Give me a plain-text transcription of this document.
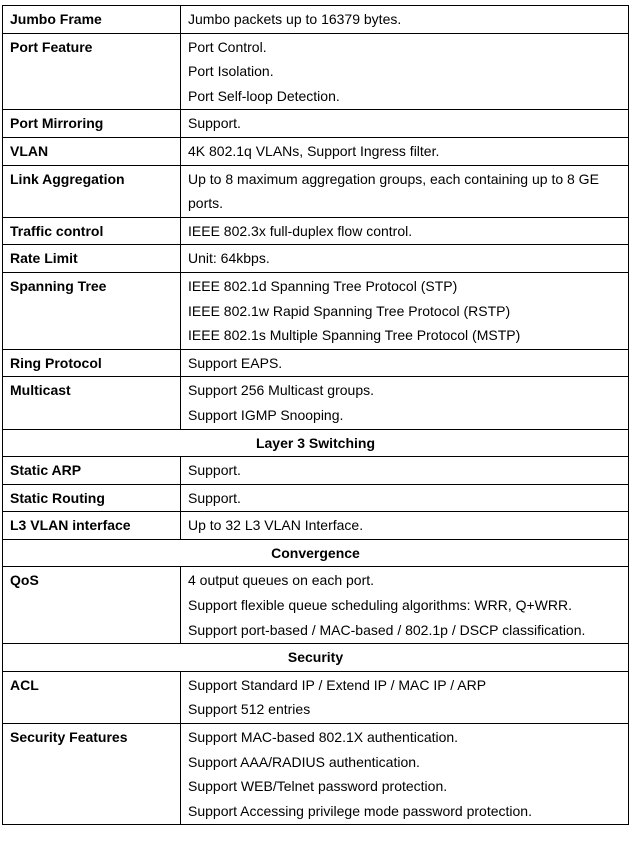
Jumbo Frame	Jumbo packets up to 16379 bytes.

Port Feature	Port Control.
Port Isolation.
Port Self-loop Detection.

Port Mirroring	Support.

VLAN	4K 802.1q VLANs, Support Ingress filter.

Link Aggregation	Up to 8 maximum aggregation groups, each containing up to 8 GE ports.

Traffic control	IEEE 802.3x full-duplex flow control.

Rate Limit	Unit: 64kbps.

Spanning Tree	IEEE 802.1d Spanning Tree Protocol (STP)
IEEE 802.1w Rapid Spanning Tree Protocol (RSTP)
IEEE 802.1s Multiple Spanning Tree Protocol (MSTP)

Ring Protocol	Support EAPS.

Multicast	Support 256 Multicast groups.
Support IGMP Snooping.

Layer 3 Switching	
Static ARP	Support.

Static Routing	Support.

L3 VLAN interface	Up to 32 L3 VLAN Interface.

Convergence	
QoS	4 output queues on each port.
Support flexible queue scheduling algorithms: WRR, Q+WRR.
Support port-based / MAC-based / 802.1p / DSCP classification.

Security	
ACL	Support Standard IP / Extend IP / MAC IP / ARP
Support 512 entries

Security Features	Support MAC-based 802.1X authentication.
Support AAA/RADIUS authentication.
Support WEB/Telnet password protection.
Support Accessing privilege mode password protection.
